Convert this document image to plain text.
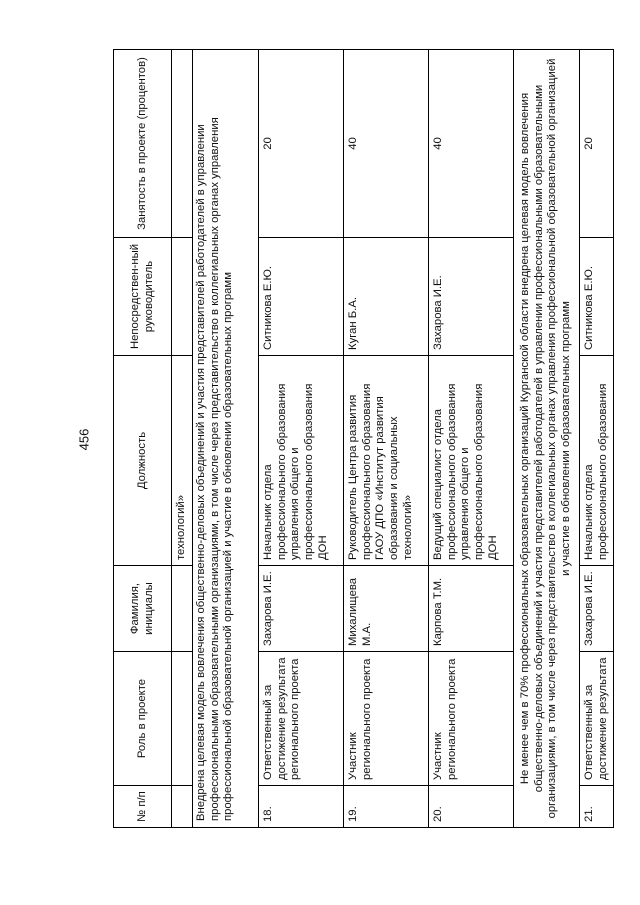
456
№ п/п	Роль в проекте	Фамилия, инициалы	Должность	Непосредствен-ный руководитель	Занятость в проекте (процентов)
			технологий»		
Внедрена целевая модель вовлечения общественно-деловых объединений и участия представителей работодателей в управлении профессиональными образовательными организациями, в том числе через представительство в коллегиальных органах управления профессиональной образовательной организацией и участие в обновлении образовательных программ					
18.	Ответственный за достижение результата регионального проекта	Захарова И.Е.	Начальник отдела профессионального образования управления общего и профессионального образования ДОН	Ситникова Е.Ю.	20
19.	Участник регионального проекта	Михалищева М.А.	Руководитель Центра развития профессионального образования ГАОУ ДПО «Институт развития образования и социальных технологий»	Куган Б.А.	40
20.	Участник регионального проекта	Карпова Т.М.	Ведущий специалист отдела профессионального образования управления общего и профессионального образования ДОН	Захарова И.Е.	40
Не менее чем в 70% профессиональных образовательных организаций Курганской области внедрена целевая модель вовлечения общественно-деловых объединений и участия представителей работодателей в управлении профессиональными образовательными организациями, в том числе через представительство в коллегиальных органах управления профессиональной образовательной организацией и участие в обновлении образовательных программ					
21.	Ответственный за достижение результата	Захарова И.Е.	Начальник отдела профессионального образования	Ситникова Е.Ю.	20
